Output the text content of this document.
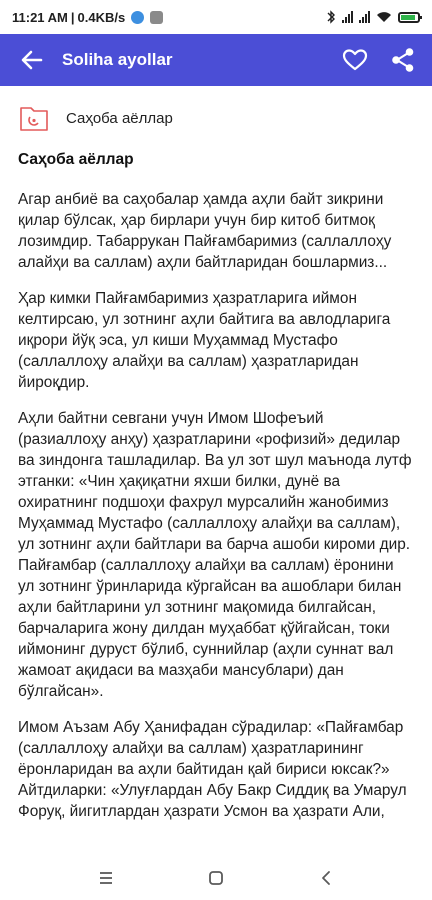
11:21 AM | 0.4KB/s
Soliha ayollar
Саҳоба аёллар
Саҳоба аёллар

Агар анбиё ва саҳобалар ҳамда аҳли байт зикрини қилар бўлсак, ҳар бирлари учун бир китоб битмоқ лозимдир. Табаррукан Пайғамбаримиз (саллаллоҳу алайҳи ва саллам) аҳли байтларидан бошлармиз...

Ҳар кимки Пайғамбаримиз ҳазратларига иймон келтирсаю, ул зотнинг аҳли байтига ва авлодларига иқрори йўқ эса, ул киши Муҳаммад Мустафо (саллаллоҳу алайҳи ва саллам) ҳазратларидан йироқдир.

Аҳли байтни севгани учун Имом Шофеъий (разиаллоҳу анҳу) ҳазратларини «рофизий» дедилар ва зиндонга ташладилар. Ва ул зот шул маънода лутф этганки: «Чин ҳақиқатни яхши билки, дунё ва охиратнинг подшоҳи фахрул мурсалийн жанобимиз Муҳаммад Мустафо (саллаллоҳу алайҳи ва саллам), ул зотнинг аҳли байтлари ва барча ашоби кироми дир. Пайғамбар (саллаллоҳу алайҳи ва саллам) ёронини ул зотнинг ўринларида кўргайсан ва ашоблари билан аҳли байтларини ул зотнинг мақомида билгайсан, барчаларига жону дилдан муҳаббат қўйгайсан, токи иймонинг дуруст бўлиб, суннийлар (аҳли суннат вал жамоат ақидаси ва мазҳаби мансублари) дан бўлгайсан».

Имом Аъзам Абу Ҳанифадан сўрадилар: «Пайғамбар (саллаллоҳу алайҳи ва саллам) ҳазратларининг ёронларидан ва аҳли байтидан қай бириси юксак?» Айтдиларки: «Улуғлардан Абу Бакр Сиддиқ ва Умарул Форуқ, йигитлардан ҳазрати Усмон ва ҳазрати Али,
